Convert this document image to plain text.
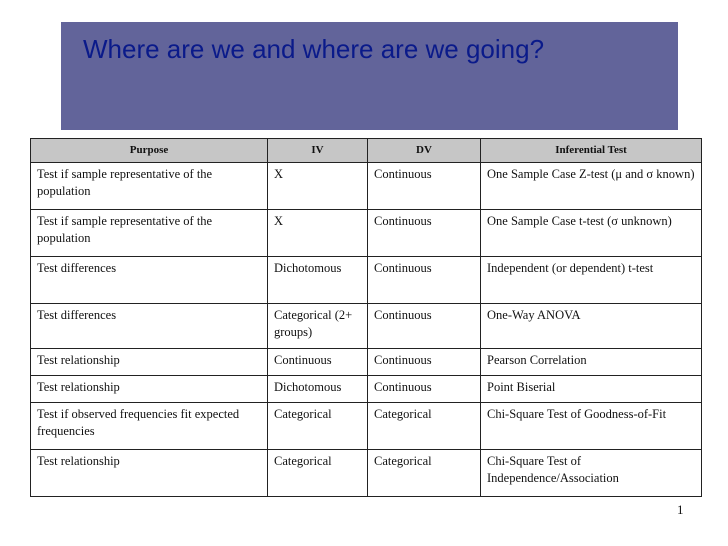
Where are we and where are we going?
Purpose	IV	DV	Inferential Test
Test if sample representative of the population	X	Continuous	One Sample Case Z-test (μ and σ known)
Test if sample representative of the population	X	Continuous	One Sample Case t-test (σ unknown)
Test differences	Dichotomous	Continuous	Independent (or dependent) t-test
Test differences	Categorical (2+ groups)	Continuous	One-Way ANOVA
Test relationship	Continuous	Continuous	Pearson Correlation
Test relationship	Dichotomous	Continuous	Point Biserial
Test if observed frequencies fit expected frequencies	Categorical	Categorical	Chi-Square Test of Goodness-of-Fit
Test relationship	Categorical	Categorical	Chi-Square Test of Independence/Association
1
